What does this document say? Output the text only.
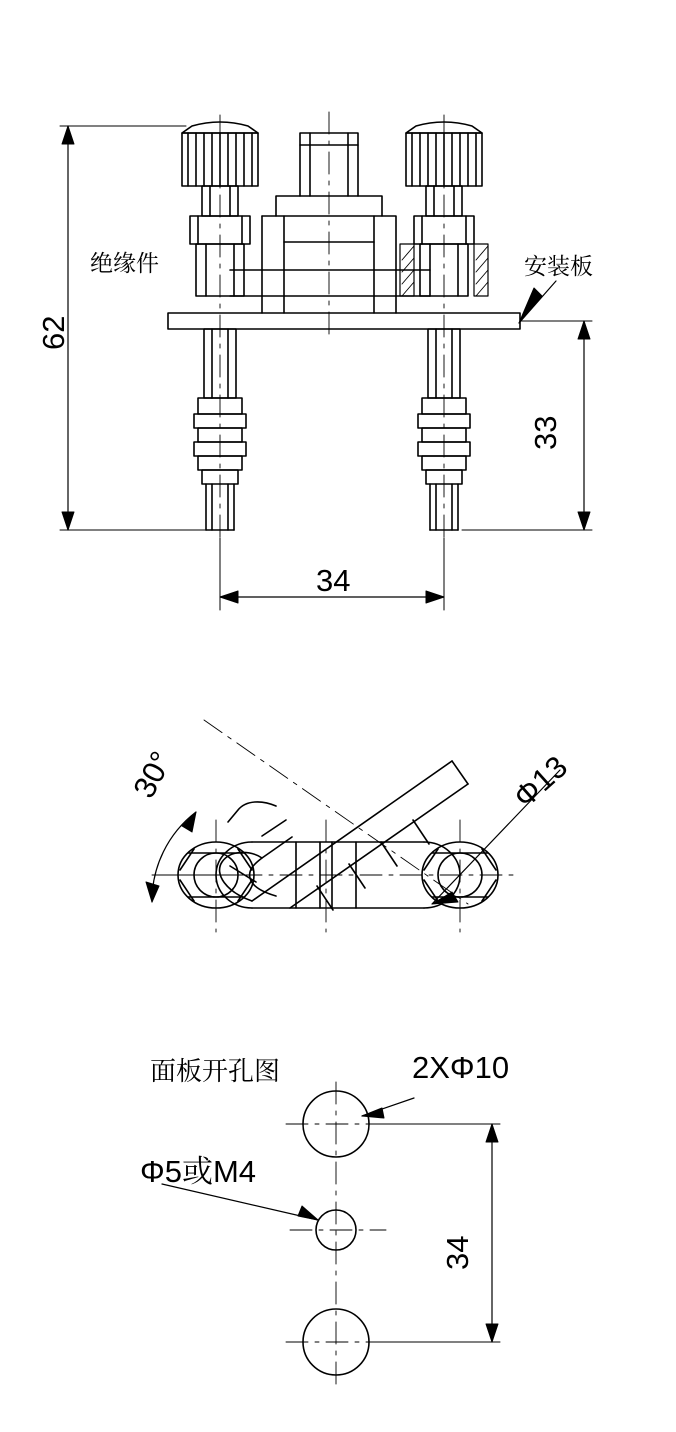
绝缘件	安装板
62
33
34
30°	Φ13
面板开孔图	2XΦ10
Φ5或M4
34
